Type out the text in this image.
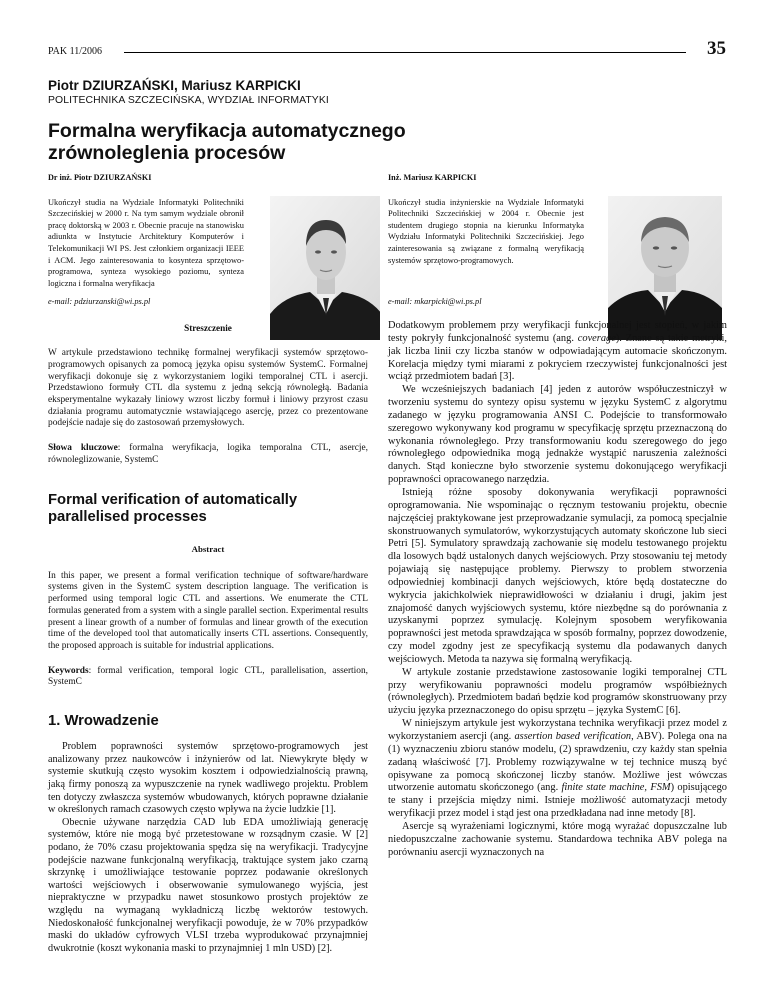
PAK 11/2006	35
Piotr DZIURZAŃSKI, Mariusz KARPICKI
POLITECHNIKA SZCZECIŃSKA, WYDZIAŁ INFORMATYKI
Formalna weryfikacja automatycznego
zrównoleglenia procesów
Dr inż. Piotr DZIURZAŃSKI
Ukończył studia na Wydziale Informatyki Politechniki Szczecińskiej w 2000 r. Na tym samym wydziale obronił pracę doktorską w 2003 r. Obecnie pracuje na stanowisku adiunkta w Instytucie Architektury Komputerów i Telekomunikacji WI PS. Jest członkiem organizacji IEEE i ACM. Jego zainteresowania to kosynteza sprzętowo-programowa, synteza wysokiego poziomu, synteza logiczna i formalna weryfikacja
e-mail: pdziurzanski@wi.ps.pl
Inż. Mariusz KARPICKI
Ukończył studia inżynierskie na Wydziale Informatyki Politechniki Szczecińskiej w 2004 r. Obecnie jest studentem drugiego stopnia na kierunku Informatyka Wydziału Informatyki Politechniki Szczecińskiej. Jego zainteresowania są związane z formalną weryfikacją systemów sprzętowo-programowych.
e-mail: mkarpicki@wi.ps.pl
Streszczenie
W artykule przedstawiono technikę formalnej weryfikacji systemów sprzętowo-programowych opisanych za pomocą języka opisu systemów SystemC. Formalnej weryfikacji dokonuje się z wykorzystaniem logiki temporalnej CTL i asercji. Przedstawiono formuły CTL dla systemu z jedną sekcją równoległą. Badania eksperymentalne wykazały liniowy wzrost liczby formuł i liniowy przyrost czasu działania programu automatycznie wstawiającego asercję, przez co prezentowane podejście nadaje się do zastosowań przemysłowych.
Słowa kluczowe: formalna weryfikacja, logika temporalna CTL, asercje, równoleglizowanie, SystemC
Formal verification of automatically
parallelised processes
Abstract
In this paper, we present a formal verification technique of software/hardware systems given in the SystemC system description language. The verification is performed using temporal logic CTL and assertions. We enumerate the CTL formulas generated from a system with a single parallel section. Experimental results present a linear growth of a number of formulas and linear growth of the execution time of the developed tool that automatically inserts CTL assertions. Consequently, the proposed approach is suitable for industrial applications.
Keywords: formal verification, temporal logic CTL, parallelisation, assertion, SystemC
1. Wrowadzenie

Problem poprawności systemów sprzętowo-programowych jest analizowany przez naukowców i inżynierów od lat. Niewykryte błędy w systemie skutkują często wysokim kosztem i odpowiedzialnością prawną, jaką firmy ponoszą za wypuszczenie na rynek wadliwego projektu. Problem ten dotyczy zwłaszcza systemów wbudowanych, których poprawne działanie w określonych ramach czasowych często wpływa na życie ludzkie [1].

Obecnie używane narzędzia CAD lub EDA umożliwiają generację systemów, które nie mogą być przetestowane w rozsądnym czasie. W [2] podano, że 70% czasu projektowania spędza się na weryfikacji. Tradycyjne podejście nazwane funkcjonalną weryfikacją, traktujące system jako czarną skrzynkę i umożliwiające testowanie poprzez podawanie określonych wartości wejściowych i obserwowanie symulowanego wyjścia, jest niepraktyczne w przypadku nawet stosunkowo prostych projektów ze względu na wymaganą wykładniczą liczbę wektorów testowych. Niedoskonałość funkcjonalnej weryfikacji powoduje, że w 70% przypadków maski do układów cyfrowych VLSI trzeba wyprodukować przynajmniej dwukrotnie (koszt wykonania maski to przynajmniej 1 mln USD) [2].

Dodatkowym problemem przy weryfikacji funkcjonalnej jest stopień, w jakim testy pokryły funkcjonalność systemu (ang. coverage). Znane są takie metryki, jak liczba linii czy liczba stanów w odpowiadającym automacie skończonym. Korelacja między tymi miarami z pokryciem rzeczywistej funkcjonalności jest wciąż przedmiotem badań [3].

We wcześniejszych badaniach [4] jeden z autorów współuczestniczył w tworzeniu systemu do syntezy opisu systemu w języku SystemC z algorytmu zadanego w języku programowania ANSI C. Podejście to transformowało szeregowo wykonywany kod programu w specyfikację sprzętu przeznaczoną do wykonania równoległego. Przy transformowaniu kodu szeregowego do jego równoległego odpowiednika mogą jednakże wystąpić naruszenia zależności danych. Stąd konieczne było stworzenie systemu dokonującego weryfikacji poprawności opracowanego narzędzia.

Istnieją różne sposoby dokonywania weryfikacji poprawności oprogramowania. Nie wspominając o ręcznym testowaniu projektu, obecnie najczęściej praktykowane jest przeprowadzanie symulacji, za pomocą specjalnie skonstruowanych symulatorów, wykorzystujących automaty skończone lub sieci Petri [5]. Symulatory sprawdzają zachowanie się modelu testowanego projektu dla losowych bądź ustalonych danych wejściowych. Przy stosowaniu tej metody pojawiają się następujące problemy. Pierwszy to problem stworzenia odpowiedniej kombinacji danych wejściowych, które będą dostateczne do wykrycia jakichkolwiek nieprawidłowości w działaniu i drugi, jakim jest znajomość danych wyjściowych systemu, które niezbędne są do porównania z uzyskanymi poprzez symulację. Kolejnym sposobem weryfikowania poprawności jest metoda sprawdzająca w sposób formalny, poprzez dowodzenie, czy model zgodny jest ze specyfikacją systemu dla podawanych danych wejściowych. Metoda ta nazywa się formalną weryfikacją.

W artykule zostanie przedstawione zastosowanie logiki temporalnej CTL przy weryfikowaniu poprawności modelu programów współbieżnych (równoległych). Przedmiotem badań będzie kod programów skonstruowany przy użyciu języka przeznaczonego do opisu sprzętu – języka SystemC [6].

W niniejszym artykule jest wykorzystana technika weryfikacji przez model z wykorzystaniem asercji (ang. assertion based verification, ABV). Polega ona na (1) wyznaczeniu zbioru stanów modelu, (2) sprawdzeniu, czy każdy stan spełnia zadaną właściwość [7]. Problemy rozwiązywalne w tej technice muszą być opisywane za pomocą skończonej liczby stanów. Możliwe jest wówczas utworzenie automatu skończonego (ang. finite state machine, FSM) opisującego te stany i przejścia między nimi. Istnieje możliwość automatyzacji metody weryfikacji przez model i stąd jest ona przedkładana nad inne metody [8].

Asercje są wyrażeniami logicznymi, które mogą wyrażać dopuszczalne lub niedopuszczalne zachowanie systemu. Standardowa technika ABV polega na porównaniu asercji wyznaczonych na
